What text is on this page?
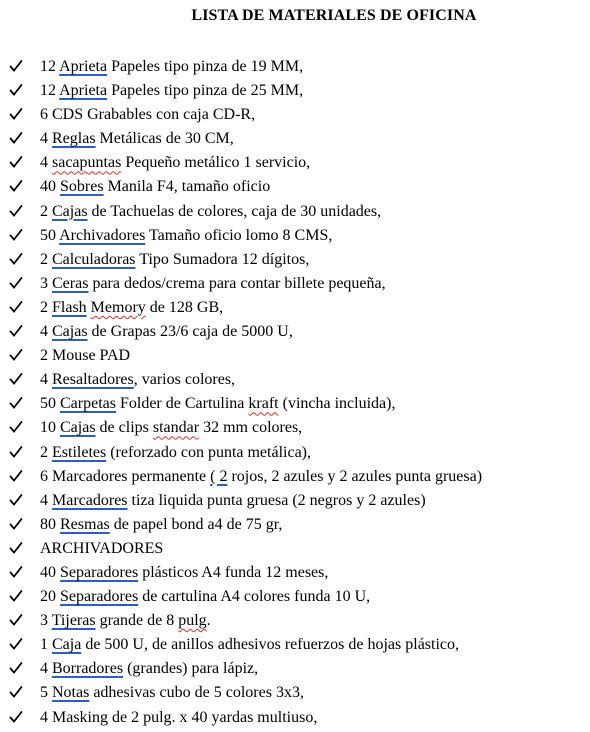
LISTA DE MATERIALES DE OFICINA
12 Aprieta Papeles tipo pinza de 19 MM,
12 Aprieta Papeles tipo pinza de 25 MM,
6 CDS Grabables con caja CD-R,
4 Reglas Metálicas de 30 CM,
4 sacapuntas Pequeño metálico 1 servicio,
40 Sobres Manila F4, tamaño oficio
2 Cajas de Tachuelas de colores, caja de 30 unidades,
50 Archivadores Tamaño oficio lomo 8 CMS,
2 Calculadoras Tipo Sumadora 12 dígitos,
3 Ceras para dedos/crema para contar billete pequeña,
2 Flash Memory de 128 GB,
4 Cajas de Grapas 23/6 caja de 5000 U,
2 Mouse PAD
4 Resaltadores, varios colores,
50 Carpetas Folder de Cartulina kraft (vincha incluida),
10 Cajas de clips standar 32 mm colores,
2 Estiletes (reforzado con punta metálica),
6 Marcadores permanente ( 2 rojos, 2 azules y 2 azules punta gruesa)
4 Marcadores tiza liquida punta gruesa (2 negros y 2 azules)
80 Resmas de papel bond a4 de 75 gr,
ARCHIVADORES
40 Separadores plásticos A4 funda 12 meses,
20 Separadores de cartulina A4 colores funda 10 U,
3 Tijeras grande de 8 pulg.
1 Caja de 500 U, de anillos adhesivos refuerzos de hojas plástico,
4 Borradores (grandes) para lápiz,
5 Notas adhesivas cubo de 5 colores 3x3,
4 Masking de 2 pulg. x 40 yardas multiuso,
